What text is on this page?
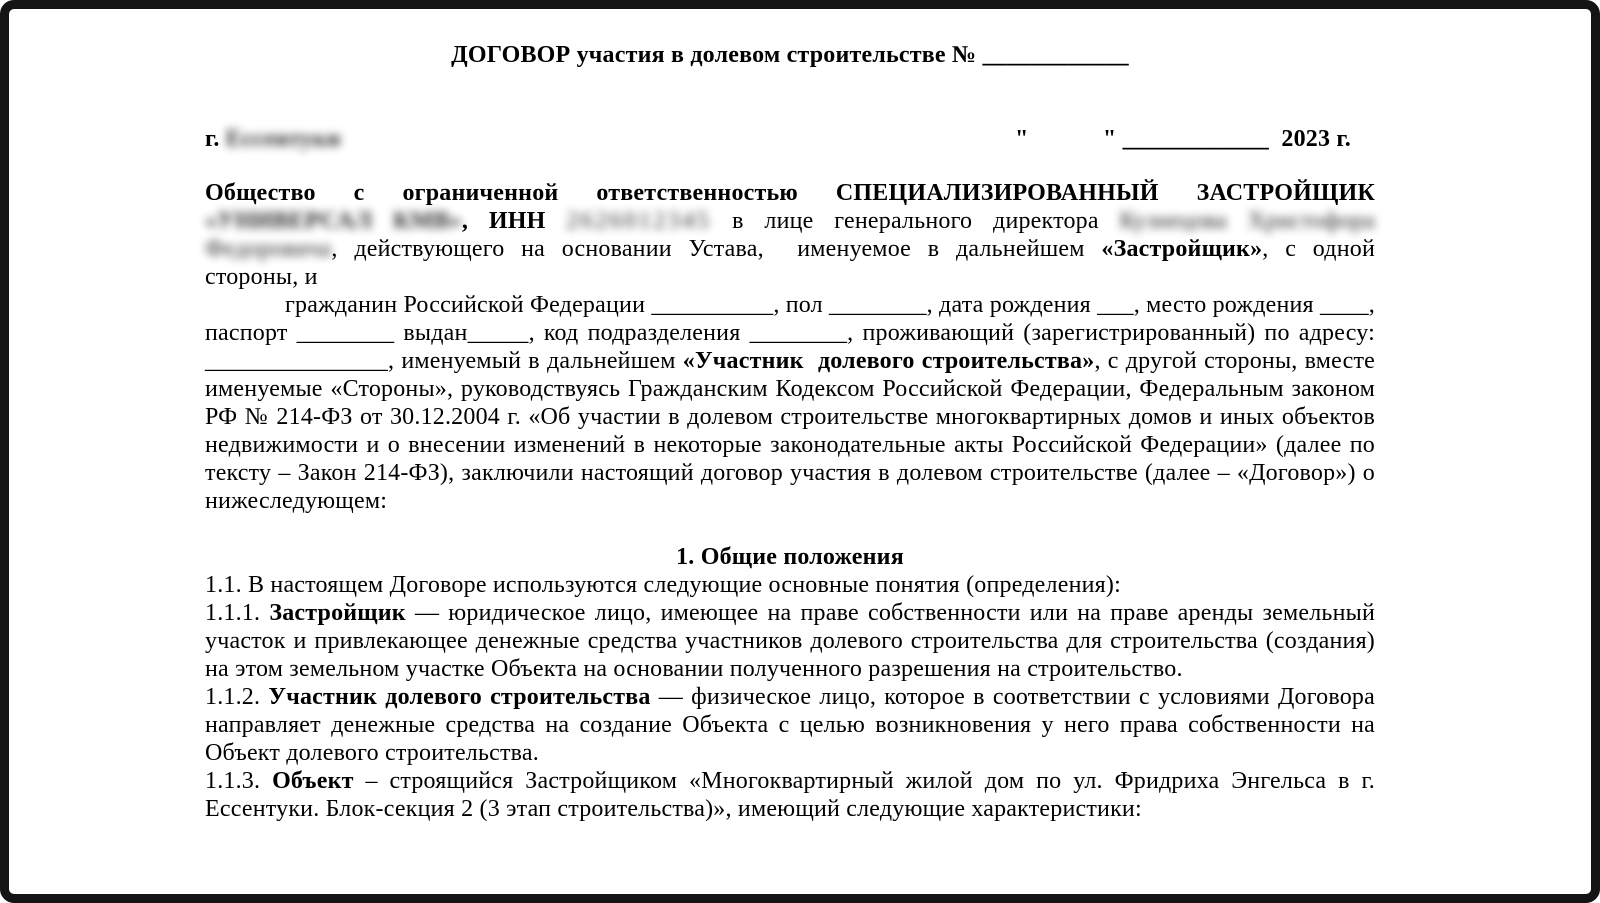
ДОГОВОР участия в долевом строительстве № ____________
г. Ессентуки	"            " ____________  2023 г.
Общество с ограниченной ответственностью СПЕЦИАЛИЗИРОВАННЫЙ ЗАСТРОЙЩИК «УНИВЕРСАЛ КМВ», ИНН 2626012345 в лице генерального директора Кузнецова Христофора Федоровича, действующего на основании Устава,  именуемое в дальнейшем «Застройщик», с одной
стороны, и
гражданин Российской Федерации __________, пол ________, дата рождения ___, место рождения ____, паспорт ________ выдан_____, код подразделения ________, проживающий (зарегистрированный) по адресу: _______________, именуемый в дальнейшем «Участник  долевого строительства», с другой стороны, вместе именуемые «Стороны», руководствуясь Гражданским Кодексом Российской Федерации, Федеральным законом РФ № 214-ФЗ от 30.12.2004 г. «Об участии в долевом строительстве многоквартирных домов и иных объектов недвижимости и о внесении изменений в некоторые законодательные акты Российской Федерации» (далее по тексту – Закон 214-ФЗ), заключили настоящий договор участия в долевом строительстве (далее – «Договор») о нижеследующем:
1. Общие положения
1.1. В настоящем Договоре используются следующие основные понятия (определения):
1.1.1. Застройщик — юридическое лицо, имеющее на праве собственности или на праве аренды земельный участок и привлекающее денежные средства участников долевого строительства для строительства (создания) на этом земельном участке Объекта на основании полученного разрешения на строительство.
1.1.2. Участник долевого строительства — физическое лицо, которое в соответствии с условиями Договора направляет денежные средства на создание Объекта с целью возникновения у него права собственности на Объект долевого строительства.
1.1.3. Объект – строящийся Застройщиком «Многоквартирный жилой дом по ул. Фридриха Энгельса в г. Ессентуки. Блок-секция 2 (3 этап строительства)», имеющий следующие характеристики:
